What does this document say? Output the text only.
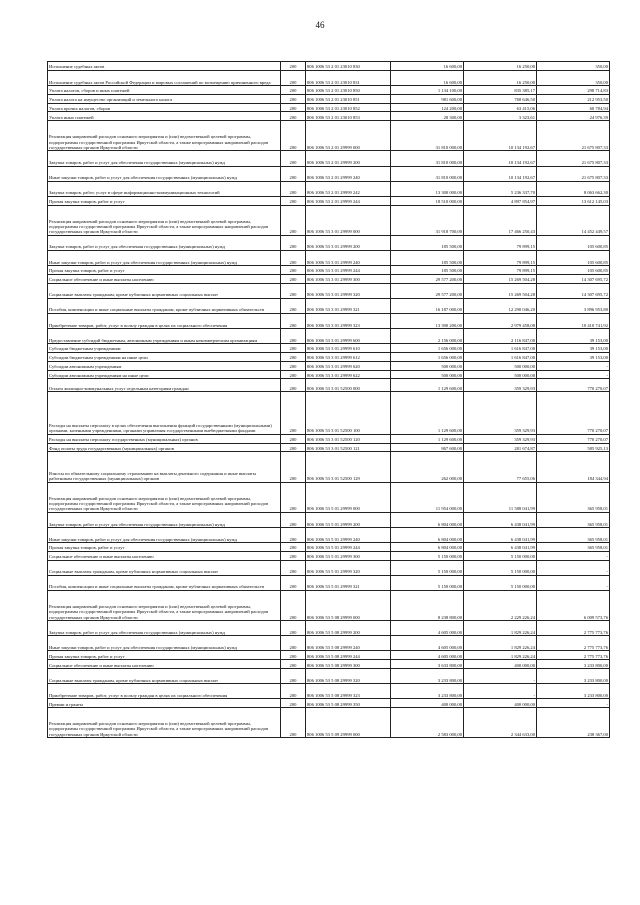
46
Исполнение судебных актов	200	806 1006 53 2 01 23010 830	16 600,00	16 250,00	350,00
Исполнение судебных актов Российской Федерации и мировых соглашений по возмещению причиненного вреда	200	806 1006 53 2 01 23010 831	16 600,00	16 250,00	350,00
Уплата налогов, сборов и иных платежей	200	806 1006 53 2 01 23010 850	1 134 100,00	835 385,17	298 714,83
Уплата налога на имущество организаций и земельного налога	200	806 1006 53 2 01 23010 851	981 600,00	768 646,50	212 953,50
Уплата прочих налогов, сборов	200	806 1006 53 2 01 23010 852	124 200,00	63 415,06	60 784,94
Уплата иных платежей	200	806 1006 53 2 01 23010 853	28 300,00	3 323,61	24 976,39
Реализация направлений расходов основного мероприятия и (или) ведомственной целевой программы, подпрограммы государственной программы Иркутской области, а также непрограммных направлений расходов государственных органов Иркутской области	200	806 1006 53 2 01 29999 000	31 810 000,00	10 134 192,67	21 675 807,33
Закупка товаров, работ и услуг для обеспечения государственных (муниципальных) нужд	200	806 1006 53 2 01 29999 200	31 810 000,00	10 134 192,67	21 675 807,33
Иные закупки товаров, работ и услуг для обеспечения государственных (муниципальных) нужд	200	806 1006 53 2 01 29999 240	31 810 000,00	10 134 192,67	21 675 807,33
Закупка товаров, работ, услуг в сфере информационно-коммуникационных технологий	200	806 1006 53 2 01 29999 242	13 300 000,00	5 236 337,70	8 063 662,30
Прочая закупка товаров, работ и услуг	200	806 1006 53 2 01 29999 244	18 510 000,00	4 897 854,97	13 612 145,03
Реализация направлений расходов основного мероприятия и (или) ведомственной целевой программы, подпрограммы государственной программы Иркутской области, а также непрограммных направлений расходов государственных органов Иркутской области	200	806 1006 53 3 01 29999 000	31 918 700,00	17 466 250,43	14 452 449,57
Закупка товаров, работ и услуг для обеспечения государственных (муниципальных) нужд	200	806 1006 53 3 01 29999 200	185 500,00	79 899,15	105 600,85
Иные закупки товаров, работ и услуг для обеспечения государственных (муниципальных) нужд	200	806 1006 53 3 01 29999 240	185 500,00	79 899,15	105 600,85
Прочая закупка товаров, работ и услуг	200	806 1006 53 3 01 29999 244	185 500,00	79 899,15	105 600,85
Социальное обеспечение и иные выплаты населению	200	806 1006 53 3 01 29999 300	29 577 200,00	15 269 504,28	14 307 695,72
Социальные выплаты гражданам, кроме публичных нормативных социальных выплат	200	806 1006 53 3 01 29999 320	29 577 200,00	15 269 504,28	14 307 695,72
Пособия, компенсации и иные социальные выплаты гражданам, кроме публичных нормативных обязательств	200	806 1006 53 3 01 29999 321	16 187 000,00	12 290 046,20	3 896 953,80
Приобретение товаров, работ, услуг в пользу граждан в целях их социального обеспечения	200	806 1006 53 3 01 29999 323	13 390 200,00	2 979 458,08	10 410 741,92
Предоставление субсидий бюджетным, автономным учреждениям и иным некоммерческим организациям	200	806 1006 53 3 01 29999 600	2 156 000,00	2 116 847,00	39 153,00
Субсидии бюджетным учреждениям	200	806 1006 53 3 01 29999 610	1 656 000,00	1 616 847,00	39 153,00
Субсидии бюджетным учреждениям на иные цели	200	806 1006 53 3 01 29999 612	1 656 000,00	1 616 847,00	39 153,00
Субсидии автономным учреждениям	200	806 1006 53 3 01 29999 620	500 000,00	500 000,00	-
Субсидии автономным учреждениям на иные цели	200	806 1006 53 3 01 29999 622	500 000,00	500 000,00	-
Оплата жилищно-коммунальных услуг отдельным категориям граждан	200	806 1006 53 3 01 52500 000	1 129 600,00	359 329,93	770 270,07
Расходы на выплаты персоналу в целях обеспечения выполнения функций государственными (муниципальными) органами, казенными учреждениями, органами управления государственными внебюджетными фондами	200	806 1006 53 3 01 52500 100	1 129 600,00	359 329,93	770 270,07
Расходы на выплаты персоналу государственных (муниципальных) органов	200	806 1006 53 3 01 52500 120	1 129 600,00	359 329,93	770 270,07
Фонд оплаты труда государственных (муниципальных) органов	200	806 1006 53 3 01 52500 121	867 600,00	281 674,87	585 925,13
Взносы по обязательному социальному страхованию на выплаты денежного содержания и иные выплаты работникам государственных (муниципальных) органов	200	806 1006 53 3 01 52500 129	262 000,00	77 655,06	184 344,94
Реализация направлений расходов основного мероприятия и (или) ведомственной целевой программы, подпрограммы государственной программы Иркутской области, а также непрограммных направлений расходов государственных органов Иркутской области	200	806 1006 53 5 01 29999 000	11 954 000,00	11 588 041,99	365 958,01
Закупка товаров, работ и услуг для обеспечения государственных (муниципальных) нужд	200	806 1006 53 5 01 29999 200	6 804 000,00	6 438 041,99	365 958,01
Иные закупки товаров, работ и услуг для обеспечения государственных (муниципальных) нужд	200	806 1006 53 5 01 29999 240	6 804 000,00	6 438 041,99	365 958,01
Прочая закупка товаров, работ и услуг	200	806 1006 53 5 01 29999 244	6 804 000,00	6 438 041,99	365 958,01
Социальное обеспечение и иные выплаты населению	200	806 1006 53 5 01 29999 300	5 150 000,00	5 150 000,00	-
Социальные выплаты гражданам, кроме публичных нормативных социальных выплат	200	806 1006 53 5 01 29999 320	5 150 000,00	5 150 000,00	-
Пособия, компенсации и иные социальные выплаты гражданам, кроме публичных нормативных обязательств	200	806 1006 53 5 01 29999 321	5 150 000,00	5 150 000,00	-
Реализация направлений расходов основного мероприятия и (или) ведомственной целевой программы, подпрограммы государственной программы Иркутской области, а также непрограммных направлений расходов государственных органов Иркутской области	200	806 1006 53 5 08 29999 000	8 238 800,00	2 229 226,24	6 009 573,76
Закупка товаров, работ и услуг для обеспечения государственных (муниципальных) нужд	200	806 1006 53 5 08 29999 200	4 605 000,00	1 829 226,24	2 775 773,76
Иные закупки товаров, работ и услуг для обеспечения государственных (муниципальных) нужд	200	806 1006 53 5 08 29999 240	4 605 000,00	1 829 226,24	2 775 773,76
Прочая закупка товаров, работ и услуг	200	806 1006 53 5 08 29999 244	4 605 000,00	1 829 226,24	2 775 773,76
Социальное обеспечение и иные выплаты населению	200	806 1006 53 5 08 29999 300	3 633 800,00	400 000,00	3 233 800,00
Социальные выплаты гражданам, кроме публичных нормативных социальных выплат	200	806 1006 53 5 08 29999 320	3 233 800,00	-	3 233 800,00
Приобретение товаров, работ, услуг в пользу граждан в целях их социального обеспечения	200	806 1006 53 5 08 29999 323	3 233 800,00	-	3 233 800,00
Премии и гранты	200	806 1006 53 5 08 29999 350	400 000,00	400 000,00	-
Реализация направлений расходов основного мероприятия и (или) ведомственной целевой программы, подпрограммы государственной программы Иркутской области, а также непрограммных направлений расходов государственных органов Иркутской области	200	806 1006 53 5 09 29999 000	2 583 000,00	2 344 633,00	238 367,00
